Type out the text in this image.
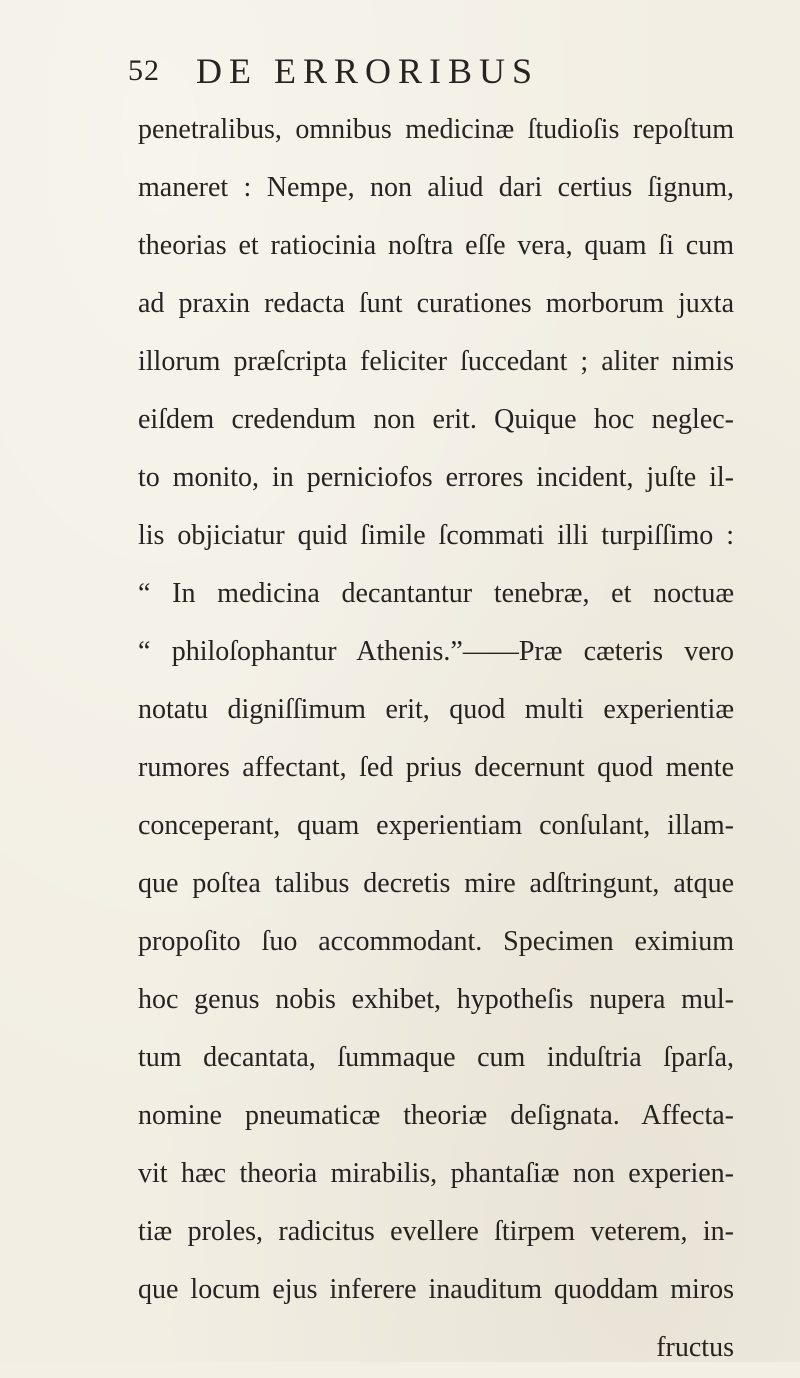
52 DE ERRORIBUS
penetralibus, omnibus medicinæ ſtudioſis repoſtum
maneret : Nempe, non aliud dari certius ſignum,
theorias et ratiocinia noſtra eſſe vera, quam ſi cum
ad praxin redacta ſunt curationes morborum juxta
illorum præſcripta feliciter ſuccedant ; aliter nimis
eiſdem credendum non erit. Quique hoc neglec-
to monito, in perniciofos errores incident, juſte il-
lis objiciatur quid ſimile ſcommati illi turpiſſimo :
“ In medicina decantantur tenebræ, et noctuæ
“ philoſophantur Athenis.”——Præ cæteris vero
notatu digniſſimum erit, quod multi experientiæ
rumores affectant, ſed prius decernunt quod mente
conceperant, quam experientiam conſulant, illam-
que poſtea talibus decretis mire adſtringunt, atque
propoſito ſuo accommodant. Specimen eximium
hoc genus nobis exhibet, hypotheſis nupera mul-
tum decantata, ſummaque cum induſtria ſparſa,
nomine pneumaticæ theoriæ deſignata. Affecta-
vit hæc theoria mirabilis, phantaſiæ non experien-
tiæ proles, radicitus evellere ſtirpem veterem, in-
que locum ejus inferere inauditum quoddam miros
fructus
